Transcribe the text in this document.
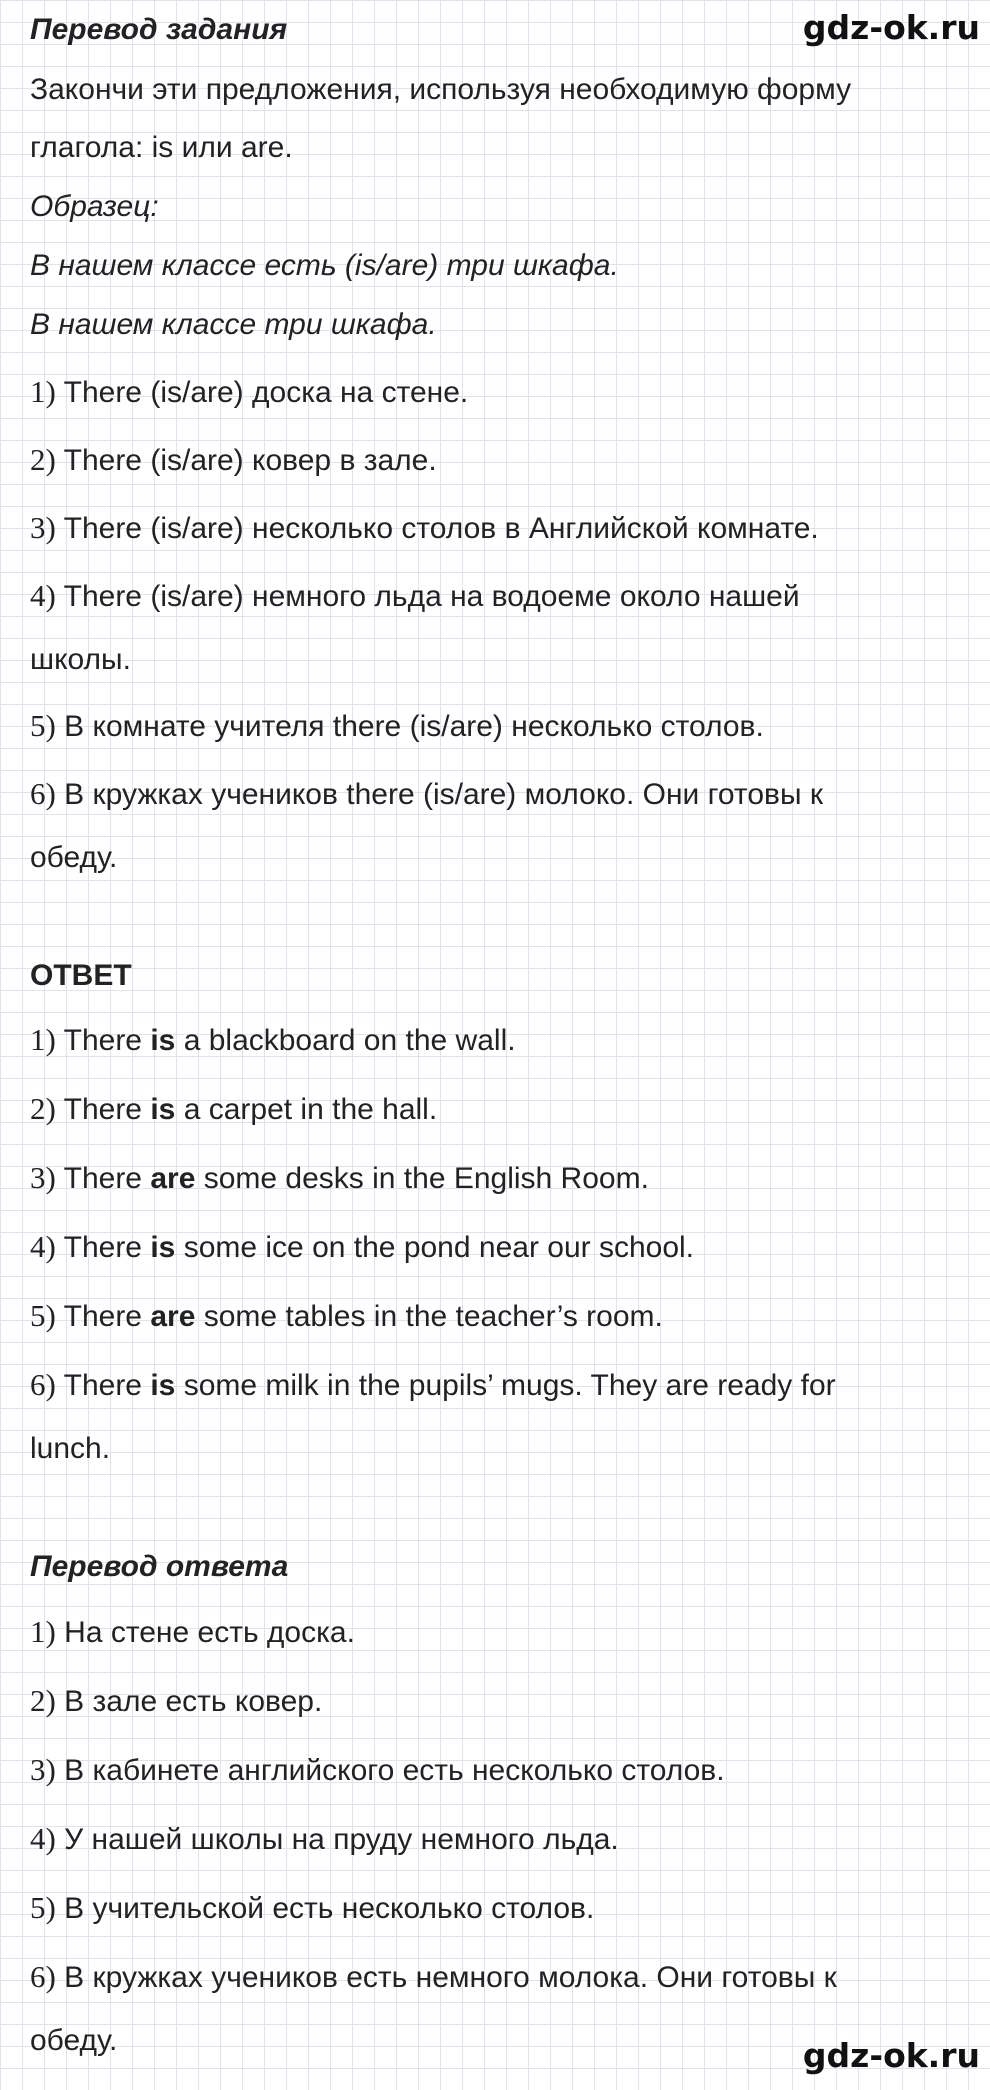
gdz-ok.ru
Перевод задания
Закончи эти предложения, используя необходимую форму
глагола: is или are.
Образец:
В нашем классе есть (is/are) три шкафа.
В нашем классе три шкафа.
1) There (is/are) доска на стене.
2) There (is/are) ковер в зале.
3) There (is/are) несколько столов в Английской комнате.
4) There (is/are) немного льда на водоеме около нашей
школы.
5) В комнате учителя there (is/are) несколько столов.
6) В кружках учеников there (is/are) молоко. Они готовы к
обеду.
ОТВЕТ
1) There is a blackboard on the wall.
2) There is a carpet in the hall.
3) There are some desks in the English Room.
4) There is some ice on the pond near our school.
5) There are some tables in the teacher’s room.
6) There is some milk in the pupils’ mugs. They are ready for
lunch.
Перевод ответа
1) На стене есть доска.
2) В зале есть ковер.
3) В кабинете английского есть несколько столов.
4) У нашей школы на пруду немного льда.
5) В учительской есть несколько столов.
6) В кружках учеников есть немного молока. Они готовы к
обеду.	gdz-ok.ru
